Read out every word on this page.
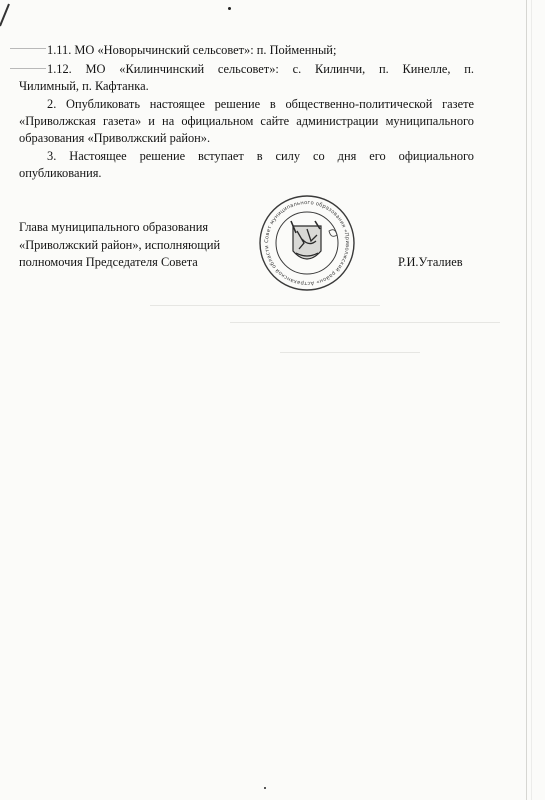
1.11. МО «Новорычинский сельсовет»: п. Пойменный;
1.12. МО «Килинчинский сельсовет»: с. Килинчи, п. Кинелле, п.
Чилимный, п. Кафтанка.
2. Опубликовать настоящее решение в общественно-политической газете
«Приволжская газета» и на официальном сайте администрации муниципального
образования «Приволжский район».
3. Настоящее решение вступает в силу со дня его официального
опубликования.
Глава муниципального образования
«Приволжский район», исполняющий
полномочия Председателя Совета	Р.И.Уталиев
Совет муниципального образования «Приволжский район» Астраханской области
